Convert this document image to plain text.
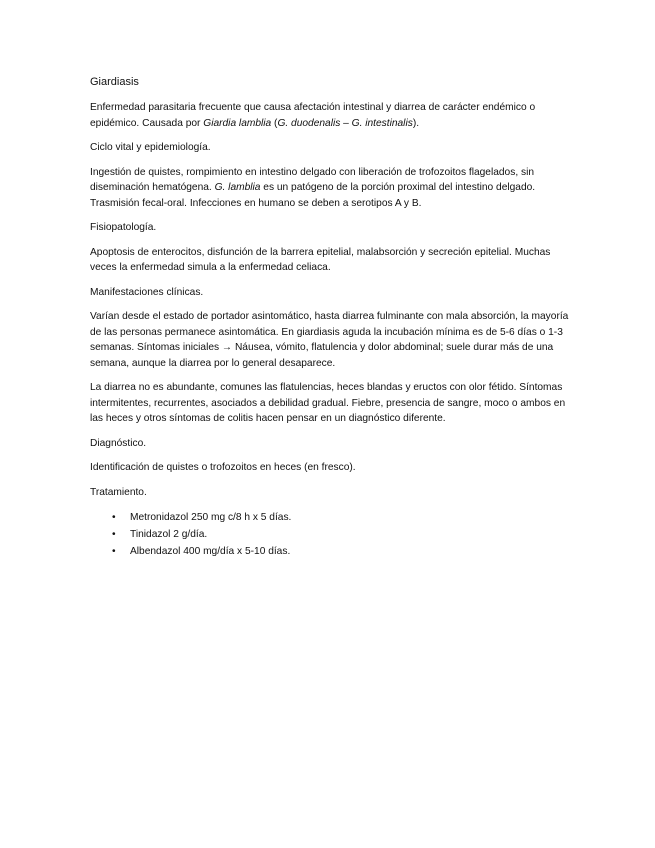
Giardiasis

Enfermedad parasitaria frecuente que causa afectación intestinal y diarrea de carácter endémico o epidémico. Causada por Giardia lamblia (G. duodenalis – G. intestinalis).

Ciclo vital y epidemiología.

Ingestión de quistes, rompimiento en intestino delgado con liberación de trofozoitos flagelados, sin diseminación hematógena. G. lamblia es un patógeno de la porción proximal del intestino delgado. Trasmisión fecal-oral. Infecciones en humano se deben a serotipos A y B.

Fisiopatología.

Apoptosis de enterocitos, disfunción de la barrera epitelial, malabsorción y secreción epitelial. Muchas veces la enfermedad simula a la enfermedad celiaca.

Manifestaciones clínicas.

Varían desde el estado de portador asintomático, hasta diarrea fulminante con mala absorción, la mayoría de las personas permanece asintomática. En giardiasis aguda la incubación mínima es de 5-6 días o 1-3 semanas. Síntomas iniciales → Náusea, vómito, flatulencia y dolor abdominal; suele durar más de una semana, aunque la diarrea por lo general desaparece.

La diarrea no es abundante, comunes las flatulencias, heces blandas y eructos con olor fétido. Síntomas intermitentes, recurrentes, asociados a debilidad gradual. Fiebre, presencia de sangre, moco o ambos en las heces y otros síntomas de colitis hacen pensar en un diagnóstico diferente.

Diagnóstico.

Identificación de quistes o trofozoitos en heces (en fresco).

Tratamiento.
• Metronidazol 250 mg c/8 h x 5 días.
• Tinidazol 2 g/día.
• Albendazol 400 mg/día x 5-10 días.
